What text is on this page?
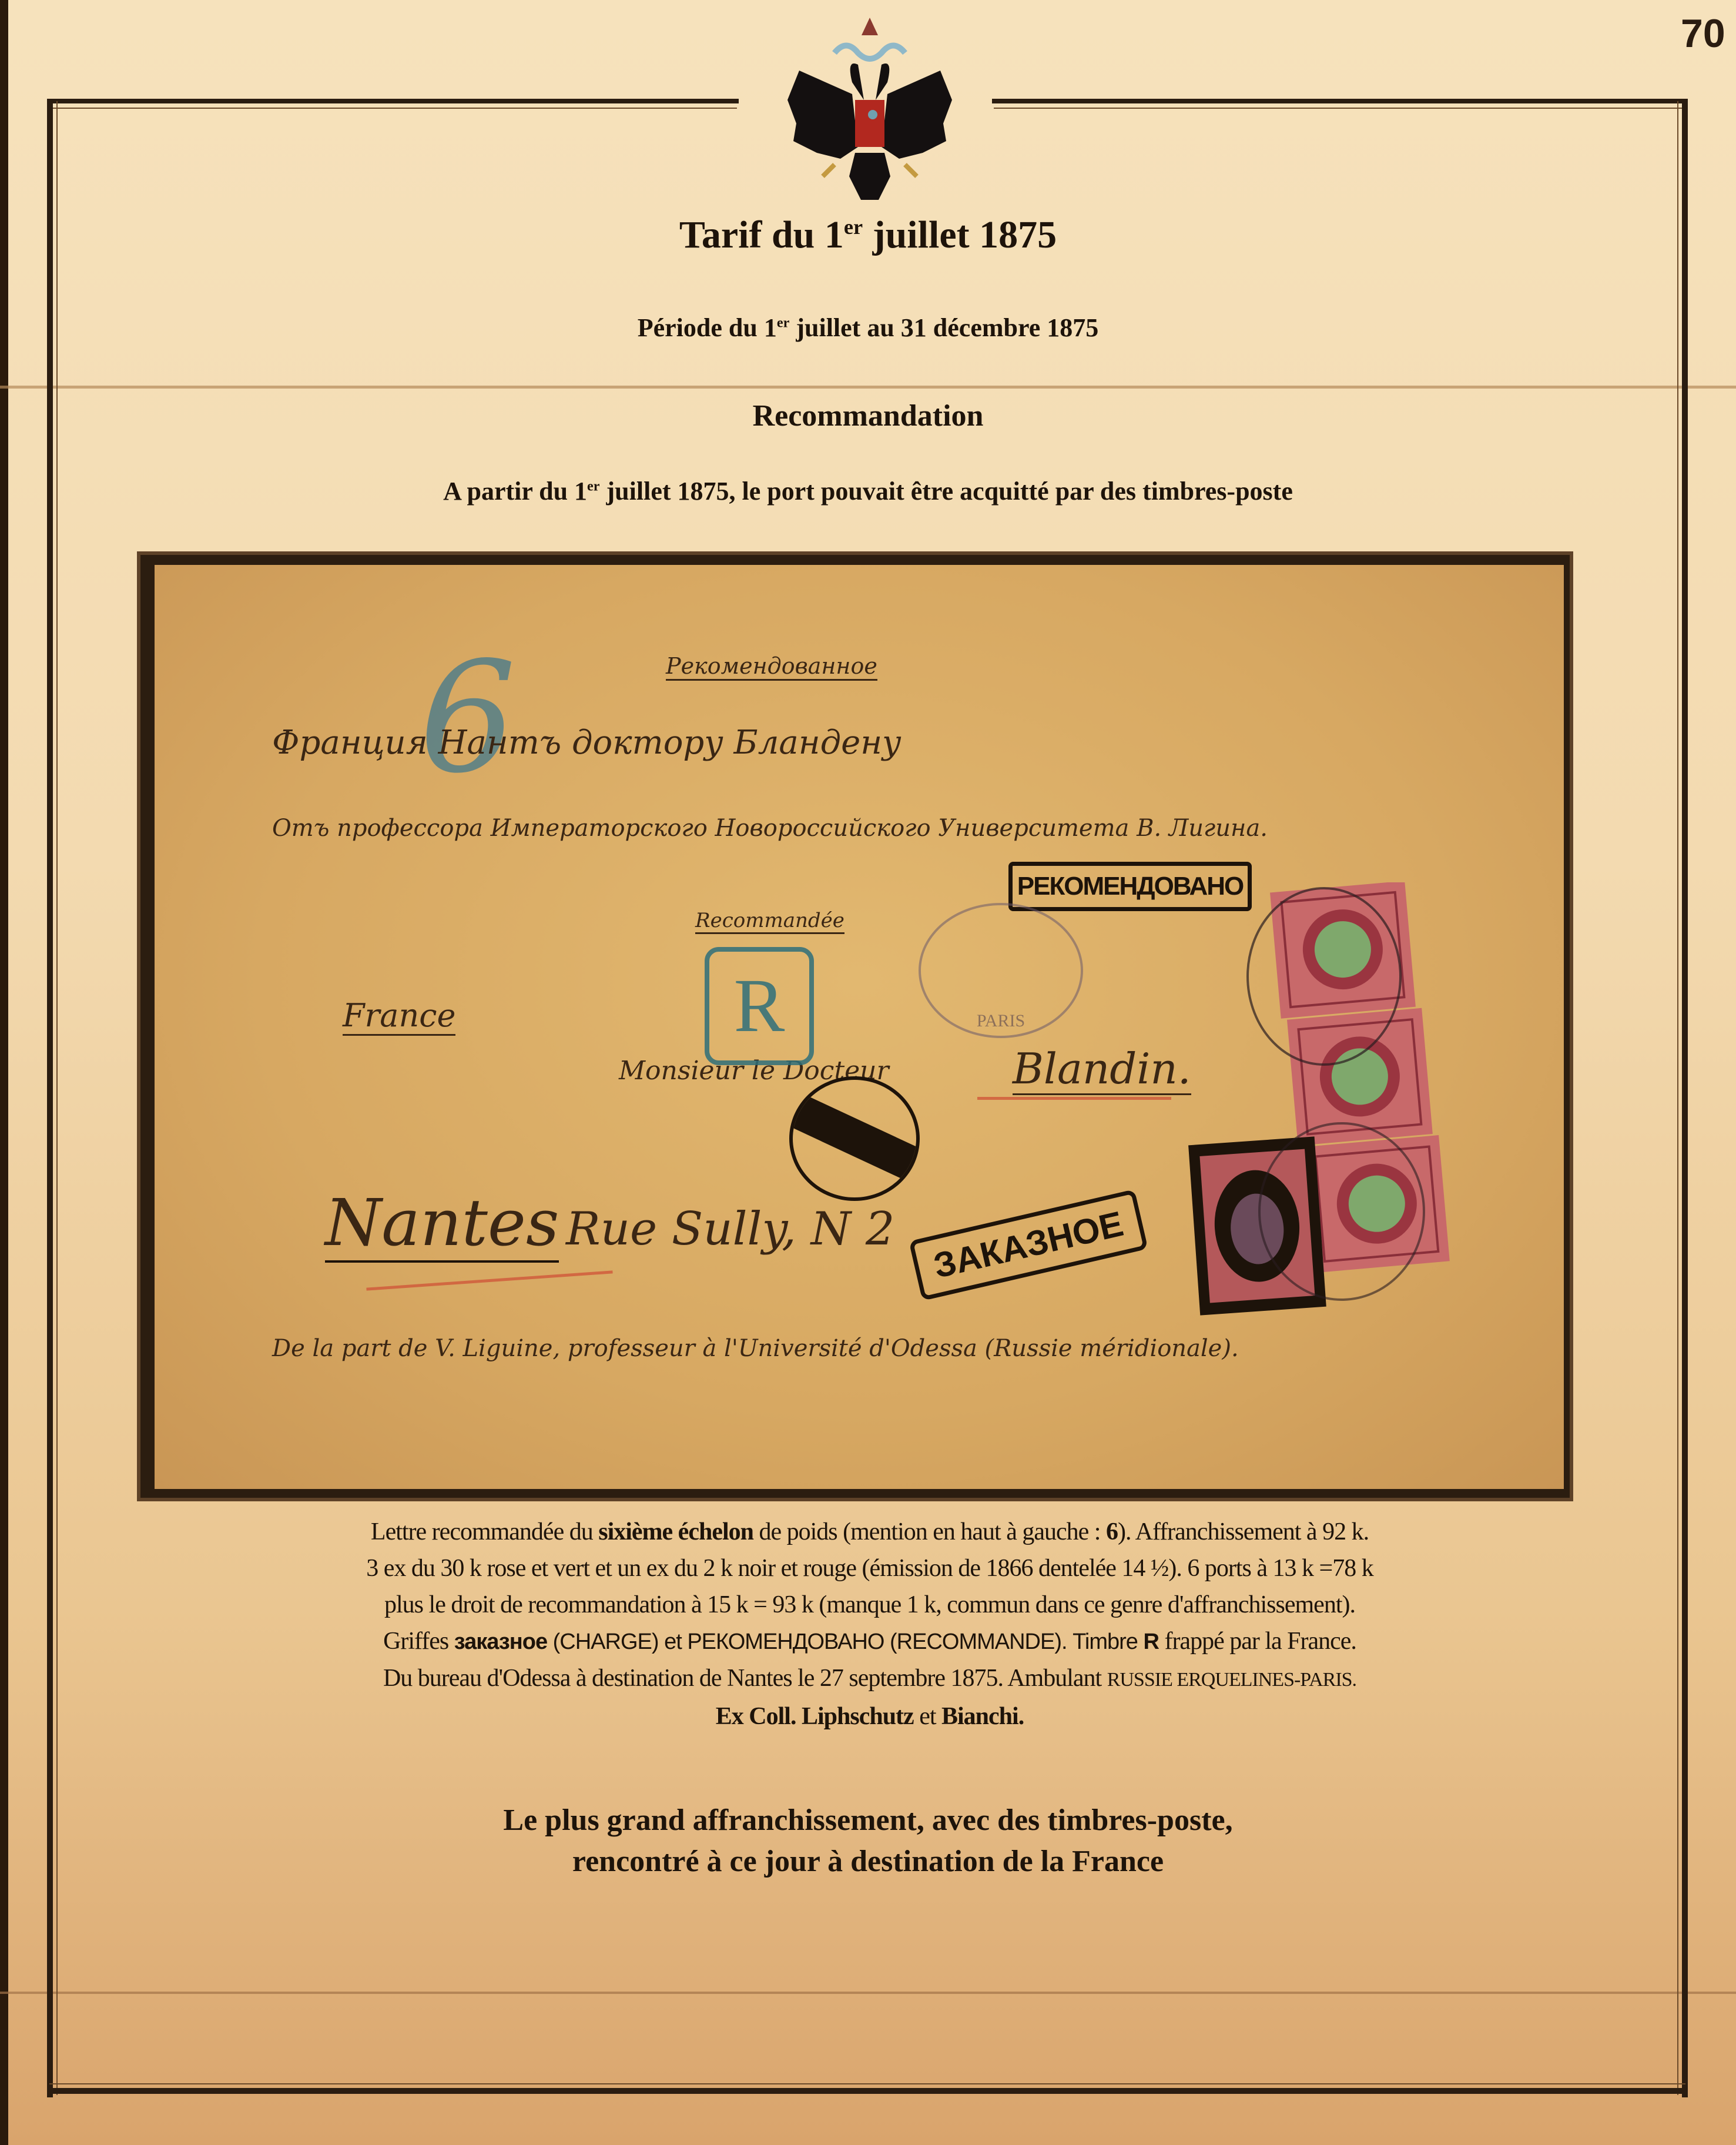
70
Tarif du 1er juillet 1875
Période du 1er juillet au 31 décembre 1875
Recommandation
A partir du 1er juillet 1875, le port pouvait être acquitté par des timbres-poste
6	Рекомендованное
Франция Нантъ доктору Бландену
Отъ профессора Императорского Новороссийского Университета В. Лигина.
Recommandée
France
Monsieur le Docteur	Blandin.
Nantes Rue Sully, N 2
De la part de V. Liguine, professeur à l'Université d'Odessa (Russie méridionale).
R
РЕКОМЕНДОВАНО
PARIS
ЗАКАЗНОЕ
Lettre recommandée du sixième échelon de poids (mention en haut à gauche : 6). Affranchissement à 92 k.
3 ex du 30 k rose et vert et un ex du 2 k noir et rouge (émission de 1866 dentelée 14 ½). 6 ports à 13 k =78 k
plus le droit de recommandation à 15 k = 93 k (manque 1 k, commun dans ce genre d'affranchissement).
Griffes заказное (CHARGE) et РЕКОМЕНДОВАНО (RECOMMANDE). Timbre R frappé par la France.
Du bureau d'Odessa à destination de Nantes le 27 septembre 1875. Ambulant RUSSIE ERQUELINES-PARIS.
Ex Coll. Liphschutz et Bianchi.
Le plus grand affranchissement, avec des timbres-poste,
rencontré à ce jour à destination de la France
